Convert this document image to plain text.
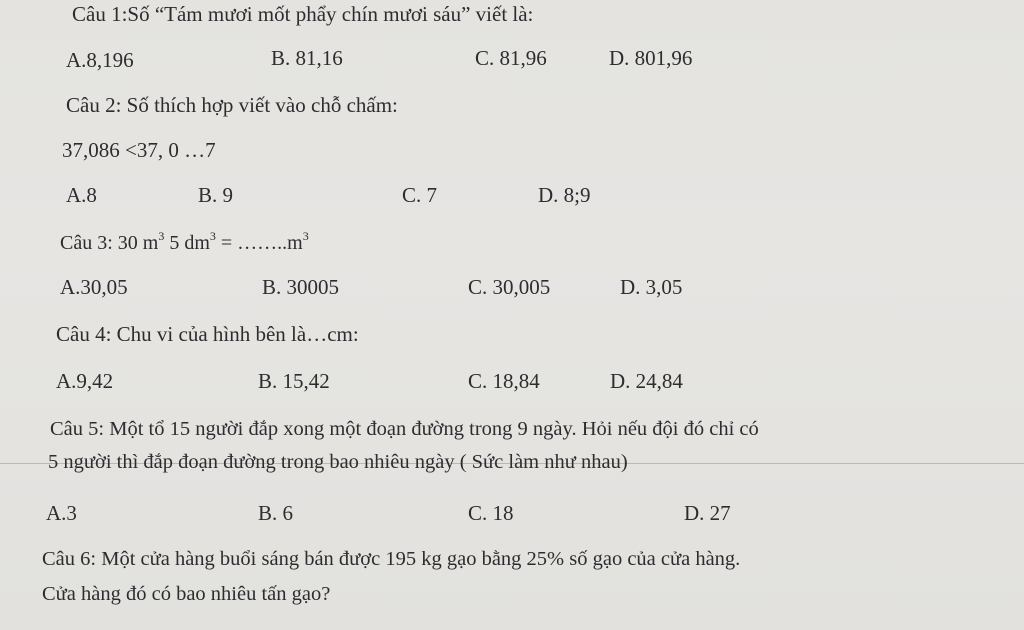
Câu 1:Số “Tám mươi mốt phẩy chín mươi sáu” viết là:
A.8,196	B. 81,16	C. 81,96	D. 801,96
Câu 2: Số thích hợp viết vào chỗ chấm:
37,086 <37, 0 …7
A.8	B. 9	C. 7	D. 8;9
Câu 3: 30 $m^3$ 5 $dm^3$ = $\dots\dots..m^3$
A.30,05	B. 30005	C. 30,005	D. 3,05
Câu 4: Chu vi của hình bên là…cm:
A.9,42	B. 15,42	C. 18,84	D. 24,84
Câu 5: Một tổ 15 người đắp xong một đoạn đường trong 9 ngày. Hỏi nếu đội đó chỉ có
5 người thì đắp đoạn đường trong bao nhiêu ngày ( Sức làm như nhau)
A.3	B. 6	C. 18	D. 27
Câu 6: Một cửa hàng buổi sáng bán được 195 kg gạo bằng 25% số gạo của cửa hàng.
Cửa hàng đó có bao nhiêu tấn gạo?
